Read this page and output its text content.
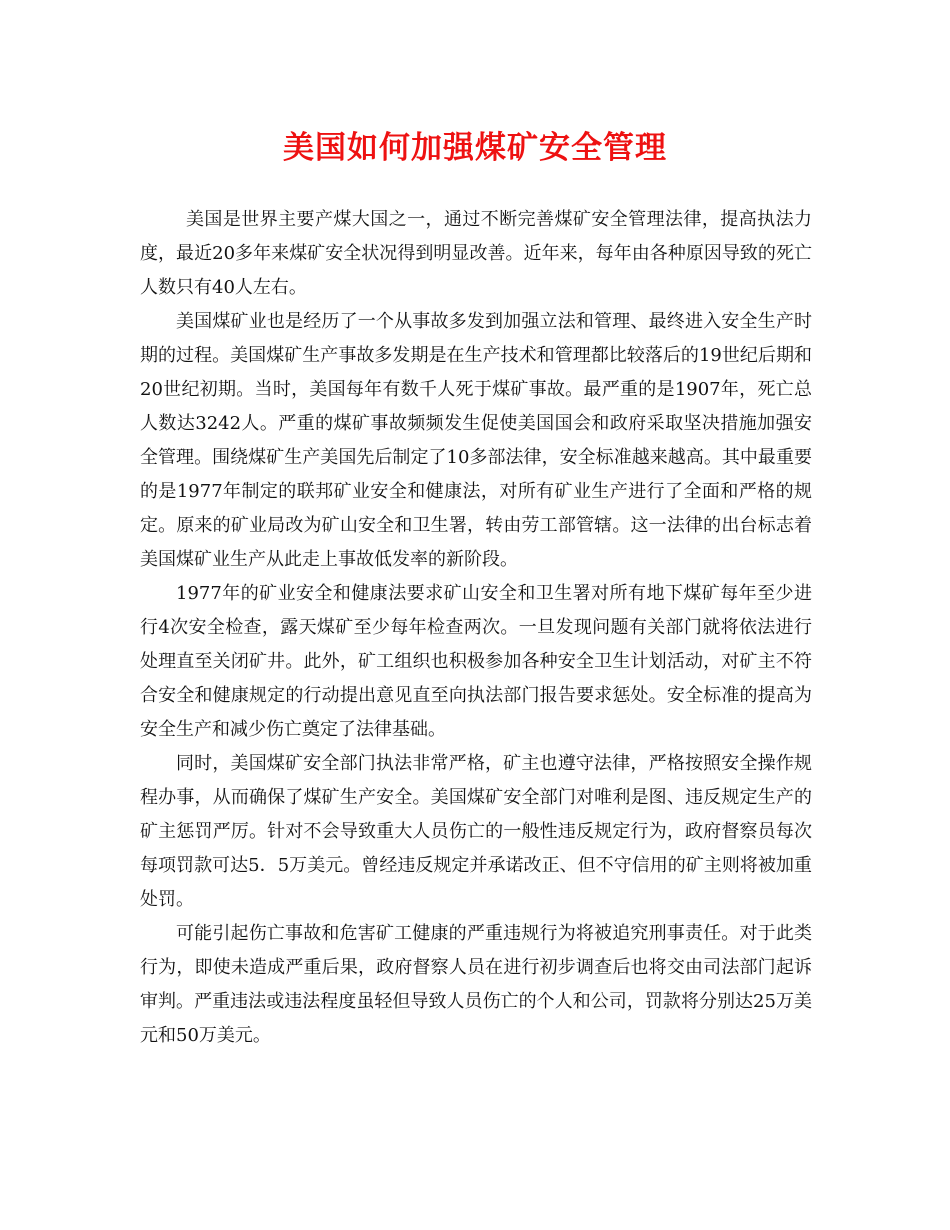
美国如何加强煤矿安全管理

美国是世界主要产煤大国之一，通过不断完善煤矿安全管理法律，提高执法力度，最近20多年来煤矿安全状况得到明显改善。近年来，每年由各种原因导致的死亡人数只有40人左右。

美国煤矿业也是经历了一个从事故多发到加强立法和管理、最终进入安全生产时期的过程。美国煤矿生产事故多发期是在生产技术和管理都比较落后的19世纪后期和20世纪初期。当时，美国每年有数千人死于煤矿事故。最严重的是1907年，死亡总人数达3242人。严重的煤矿事故频频发生促使美国国会和政府采取坚决措施加强安全管理。围绕煤矿生产美国先后制定了10多部法律，安全标准越来越高。其中最重要的是1977年制定的联邦矿业安全和健康法，对所有矿业生产进行了全面和严格的规定。原来的矿业局改为矿山安全和卫生署，转由劳工部管辖。这一法律的出台标志着美国煤矿业生产从此走上事故低发率的新阶段。

1977年的矿业安全和健康法要求矿山安全和卫生署对所有地下煤矿每年至少进行4次安全检查，露天煤矿至少每年检查两次。一旦发现问题有关部门就将依法进行处理直至关闭矿井。此外，矿工组织也积极参加各种安全卫生计划活动，对矿主不符合安全和健康规定的行动提出意见直至向执法部门报告要求惩处。安全标准的提高为安全生产和减少伤亡奠定了法律基础。

同时，美国煤矿安全部门执法非常严格，矿主也遵守法律，严格按照安全操作规程办事，从而确保了煤矿生产安全。美国煤矿安全部门对唯利是图、违反规定生产的矿主惩罚严厉。针对不会导致重大人员伤亡的一般性违反规定行为，政府督察员每次每项罚款可达5．5万美元。曾经违反规定并承诺改正、但不守信用的矿主则将被加重处罚。

可能引起伤亡事故和危害矿工健康的严重违规行为将被追究刑事责任。对于此类行为，即使未造成严重后果，政府督察人员在进行初步调查后也将交由司法部门起诉审判。严重违法或违法程度虽轻但导致人员伤亡的个人和公司，罚款将分别达25万美元和50万美元。
